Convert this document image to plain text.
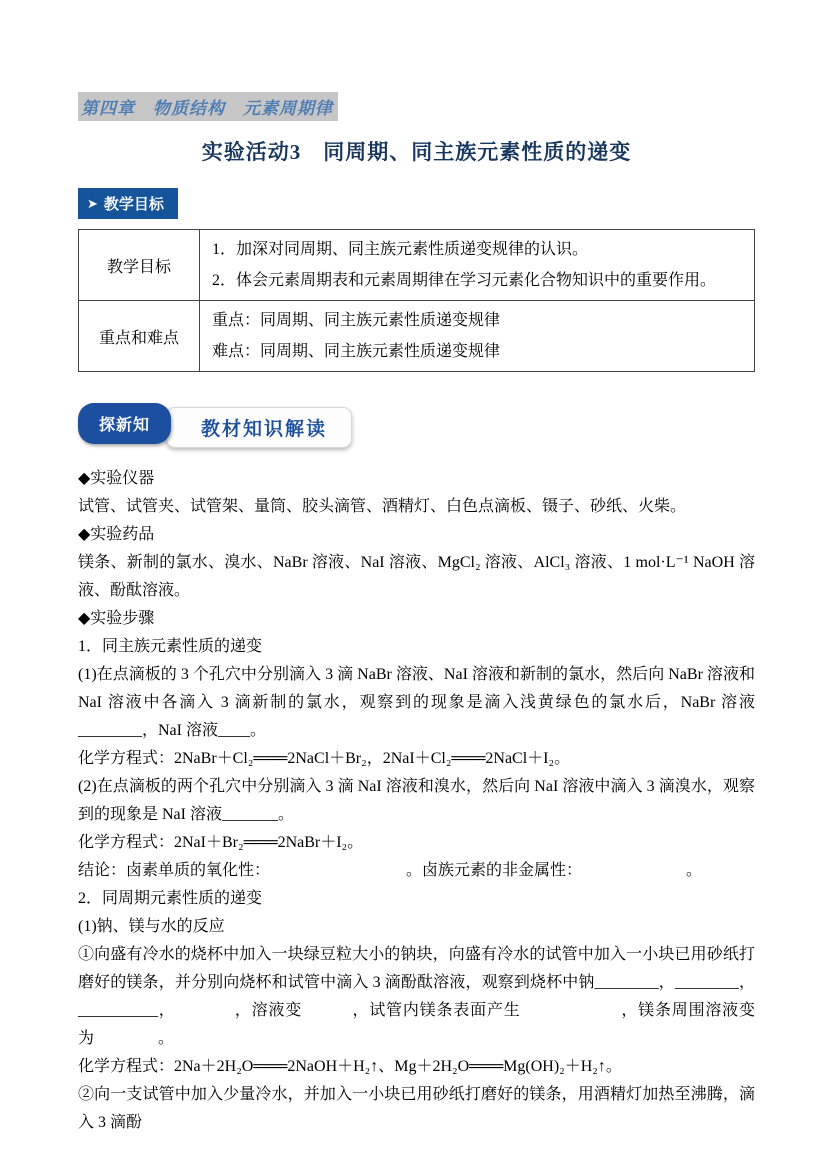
第四章　物质结构　元素周期律
实验活动3　同周期、同主族元素性质的递变
➤ 教学目标
教学目标	1．加深对同周期、同主族元素性质递变规律的认识。

2．体会元素周期表和元素周期律在学习元素化合物知识中的重要作用。

重点和难点	重点：同周期、同主族元素性质递变规律

难点：同周期、同主族元素性质递变规律

教材知识解读
探新知

◆实验仪器

试管、试管夹、试管架、量筒、胶头滴管、酒精灯、白色点滴板、镊子、砂纸、火柴。

◆实验药品

镁条、新制的氯水、溴水、NaBr 溶液、NaI 溶液、MgCl₂ 溶液、AlCl₃ 溶液、1 mol·L⁻¹ NaOH 溶液、酚酞溶液。

◆实验步骤

1．同主族元素性质的递变

(1)在点滴板的 3 个孔穴中分别滴入 3 滴 NaBr 溶液、NaI 溶液和新制的氯水，然后向 NaBr 溶液和 NaI 溶液中各滴入 3 滴新制的氯水，观察到的现象是滴入浅黄绿色的氯水后，NaBr 溶液________，NaI 溶液____。

化学方程式：2NaBr＋Cl₂═══2NaCl＋Br₂，2NaI＋Cl₂═══2NaCl＋I₂。

(2)在点滴板的两个孔穴中分别滴入 3 滴 NaI 溶液和溴水，然后向 NaI 溶液中滴入 3 滴溴水，观察到的现象是 NaI 溶液_______。

化学方程式：2NaI＋Br₂═══2NaBr＋I₂。

结论：卤素单质的氧化性：　　　　　　　　　。卤族元素的非金属性：　　　　　　　。

2．同周期元素性质的递变

(1)钠、镁与水的反应

①向盛有冷水的烧杯中加入一块绿豆粒大小的钠块，向盛有冷水的试管中加入一小块已用砂纸打磨好的镁条，并分别向烧杯和试管中滴入 3 滴酚酞溶液，观察到烧杯中钠________，________，__________，　　　　，溶液变　　　，试管内镁条表面产生　　　　　　，镁条周围溶液变为　　　　。

化学方程式：2Na＋2H₂O═══2NaOH＋H₂↑、Mg＋2H₂O═══Mg(OH)₂＋H₂↑。

②向一支试管中加入少量冷水，并加入一小块已用砂纸打磨好的镁条，用酒精灯加热至沸腾，滴入 3 滴酚
